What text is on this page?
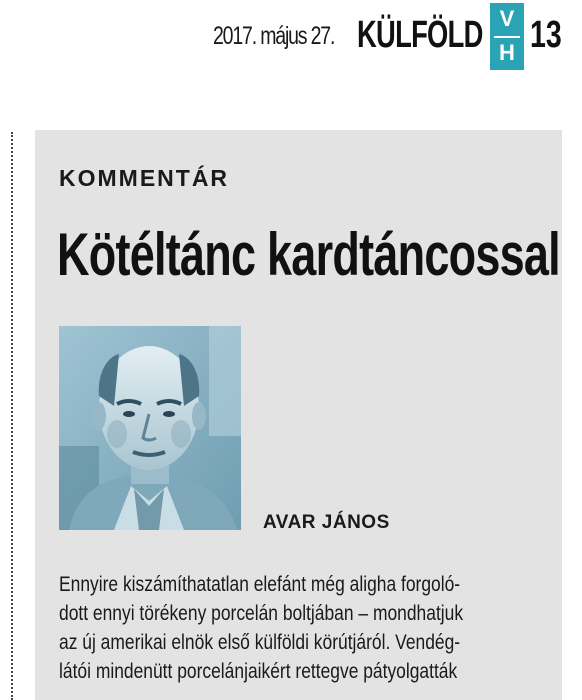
2017. május 27. KÜLFÖLD V
H 13
KOMMENTÁR
Kötéltánc kardtáncossal
AVAR JÁNOS
Ennyire kiszámíthatatlan elefánt még aligha forgoló-
dott ennyi törékeny porcelán boltjában – mondhatjuk
az új amerikai elnök első külföldi körútjáról. Vendég-
látói mindenütt porcelánjaikért rettegve pátyolgatták
